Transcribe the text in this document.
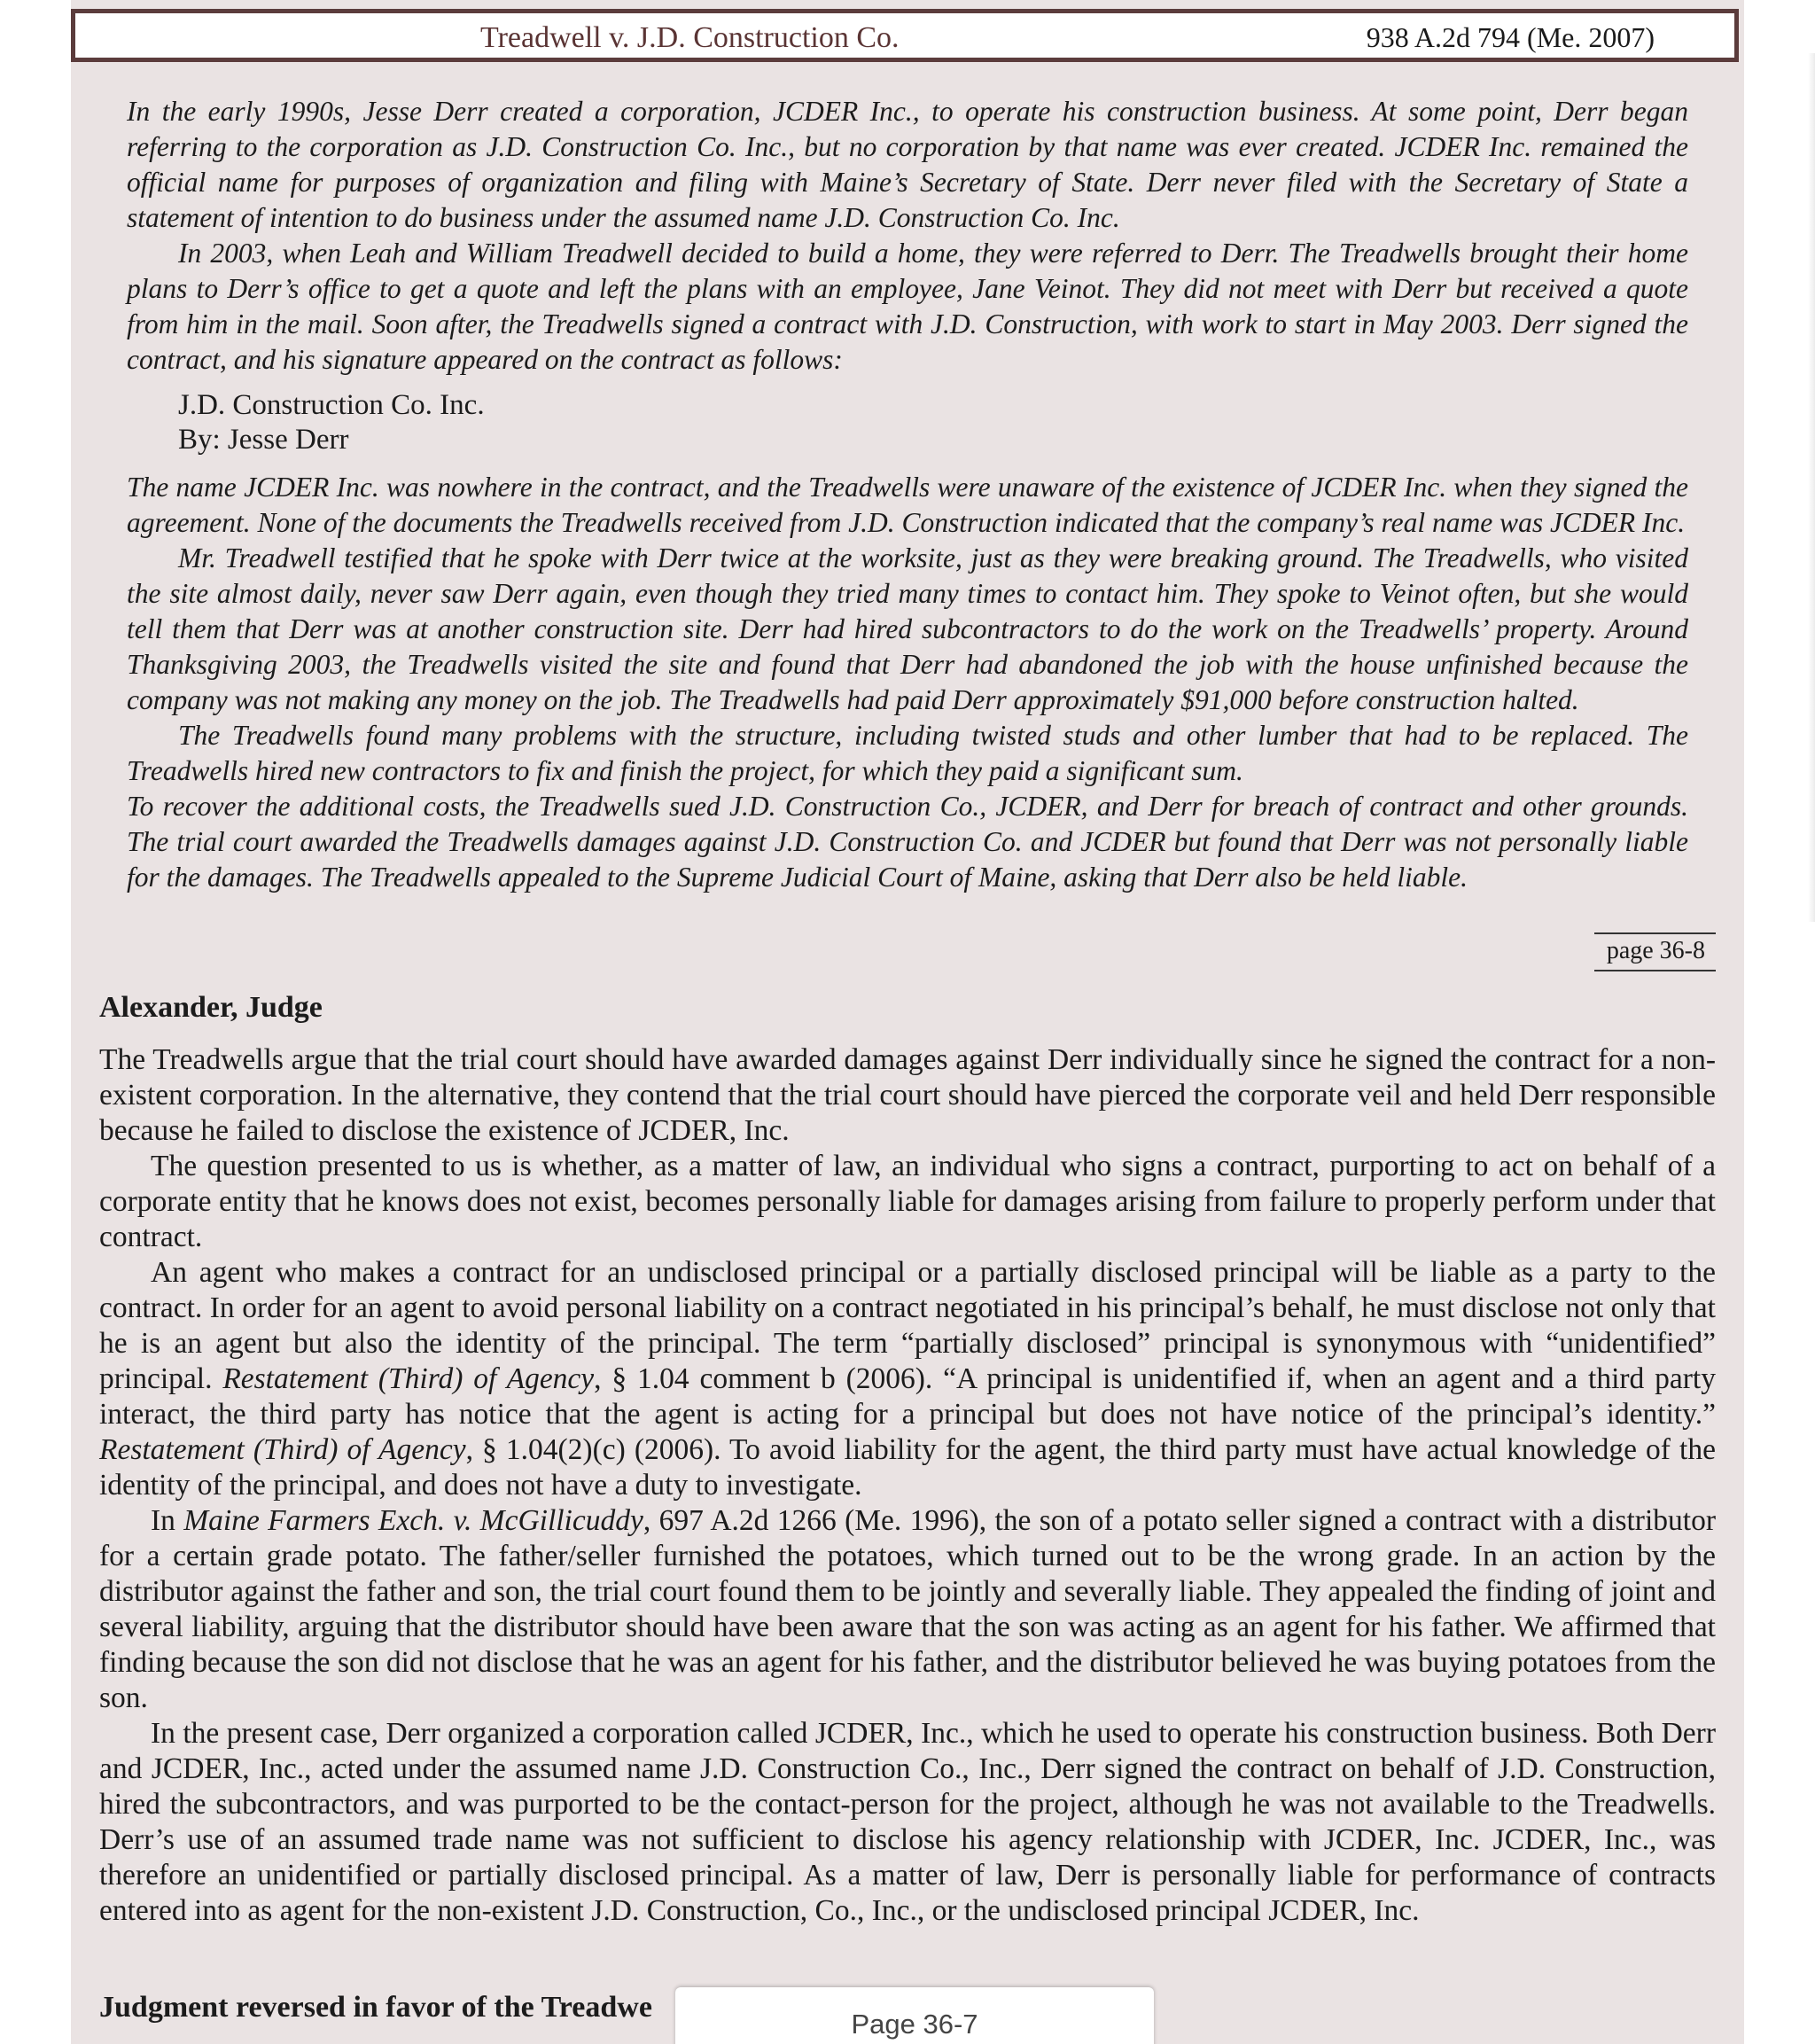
Treadwell v. J.D. Construction Co.	938 A.2d 794 (Me. 2007)

In the early 1990s, Jesse Derr created a corporation, JCDER Inc., to operate his construction business. At some point, Derr began referring to the corporation as J.D. Construction Co. Inc., but no corporation by that name was ever created. JCDER Inc. remained the official name for purposes of organization and filing with Maine’s Secretary of State. Derr never filed with the Secretary of State a statement of intention to do business under the assumed name J.D. Construction Co. Inc.

In 2003, when Leah and William Treadwell decided to build a home, they were referred to Derr. The Treadwells brought their home plans to Derr’s office to get a quote and left the plans with an employee, Jane Veinot. They did not meet with Derr but received a quote from him in the mail. Soon after, the Treadwells signed a contract with J.D. Construction, with work to start in May 2003. Derr signed the contract, and his signature appeared on the contract as follows:

J.D. Construction Co. Inc.
By: Jesse Derr

The name JCDER Inc. was nowhere in the contract, and the Treadwells were unaware of the existence of JCDER Inc. when they signed the agreement. None of the documents the Treadwells received from J.D. Construction indicated that the company’s real name was JCDER Inc.

Mr. Treadwell testified that he spoke with Derr twice at the worksite, just as they were breaking ground. The Treadwells, who visited the site almost daily, never saw Derr again, even though they tried many times to contact him. They spoke to Veinot often, but she would tell them that Derr was at another construction site. Derr had hired subcontractors to do the work on the Treadwells’ property. Around Thanksgiving 2003, the Treadwells visited the site and found that Derr had abandoned the job with the house unfinished because the company was not making any money on the job. The Treadwells had paid Derr approximately $91,000 before construction halted.

The Treadwells found many problems with the structure, including twisted studs and other lumber that had to be replaced. The Treadwells hired new contractors to fix and finish the project, for which they paid a significant sum.

To recover the additional costs, the Treadwells sued J.D. Construction Co., JCDER, and Derr for breach of contract and other grounds. The trial court awarded the Treadwells damages against J.D. Construction Co. and JCDER but found that Derr was not personally liable for the damages. The Treadwells appealed to the Supreme Judicial Court of Maine, asking that Derr also be held liable.

page 36-8
Alexander, Judge

The Treadwells argue that the trial court should have awarded damages against Derr individually since he signed the contract for a non-existent corporation. In the alternative, they contend that the trial court should have pierced the corporate veil and held Derr responsible because he failed to disclose the existence of JCDER, Inc.

The question presented to us is whether, as a matter of law, an individual who signs a contract, purporting to act on behalf of a corporate entity that he knows does not exist, becomes personally liable for damages arising from failure to properly perform under that contract.

An agent who makes a contract for an undisclosed principal or a partially disclosed principal will be liable as a party to the contract. In order for an agent to avoid personal liability on a contract negotiated in his principal’s behalf, he must disclose not only that he is an agent but also the identity of the principal. The term “partially disclosed” principal is synonymous with “unidentified” principal. Restatement (Third) of Agency, § 1.04 comment b (2006). “A principal is unidentified if, when an agent and a third party interact, the third party has notice that the agent is acting for a principal but does not have notice of the principal’s identity.” Restatement (Third) of Agency, § 1.04(2)(c) (2006). To avoid liability for the agent, the third party must have actual knowledge of the identity of the principal, and does not have a duty to investigate.

In Maine Farmers Exch. v. McGillicuddy, 697 A.2d 1266 (Me. 1996), the son of a potato seller signed a contract with a distributor for a certain grade potato. The father/seller furnished the potatoes, which turned out to be the wrong grade. In an action by the distributor against the father and son, the trial court found them to be jointly and severally liable. They appealed the finding of joint and several liability, arguing that the distributor should have been aware that the son was acting as an agent for his father. We affirmed that finding because the son did not disclose that he was an agent for his father, and the distributor believed he was buying potatoes from the son.

In the present case, Derr organized a corporation called JCDER, Inc., which he used to operate his construction business. Both Derr and JCDER, Inc., acted under the assumed name J.D. Construction Co., Inc., Derr signed the contract on behalf of J.D. Construction, hired the subcontractors, and was purported to be the contact-person for the project, although he was not available to the Treadwells. Derr’s use of an assumed trade name was not sufficient to disclose his agency relationship with JCDER, Inc. JCDER, Inc., was therefore an unidentified or partially disclosed principal. As a matter of law, Derr is personally liable for performance of contracts entered into as agent for the non-existent J.D. Construction, Co., Inc., or the undisclosed principal JCDER, Inc.

Judgment reversed in favor of the Treadwe
Page 36-7
